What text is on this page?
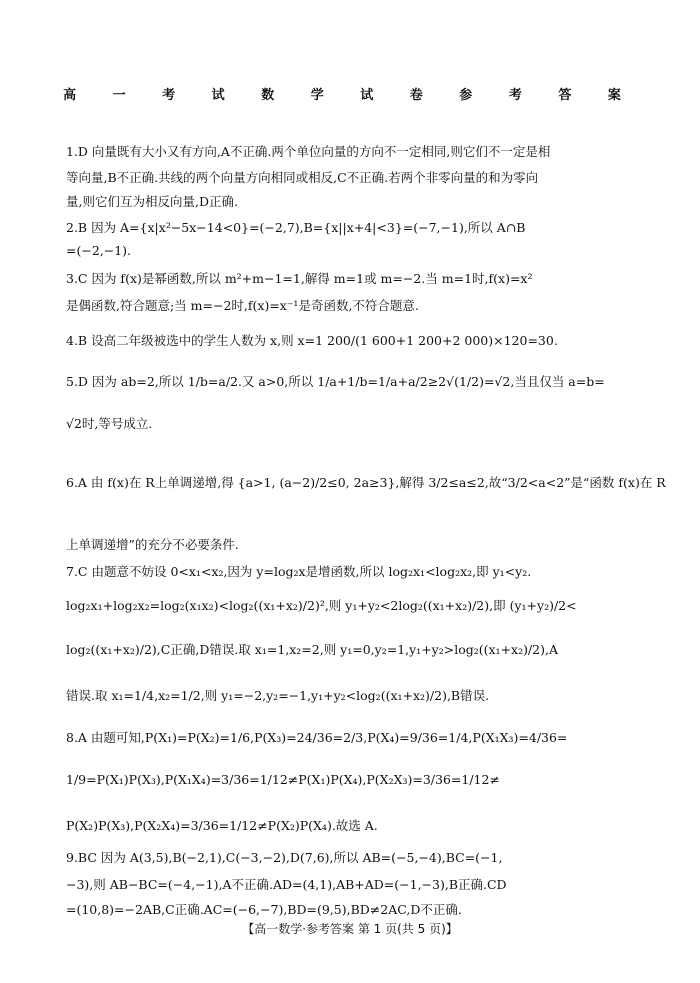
高 一 考 试 数 学 试 卷 参 考 答 案
1.D 向量既有大小又有方向,A不正确.两个单位向量的方向不一定相同,则它们不一定是相
等向量,B不正确.共线的两个向量方向相同或相反,C不正确.若两个非零向量的和为零向
量,则它们互为相反向量,D正确.
2.B 因为 A={x|x²−5x−14<0}=(−2,7),B={x||x+4|<3}=(−7,−1),所以 A∩B
=(−2,−1).
3.C 因为 f(x)是幂函数,所以 m²+m−1=1,解得 m=1或 m=−2.当 m=1时,f(x)=x²
是偶函数,符合题意;当 m=−2时,f(x)=x⁻¹是奇函数,不符合题意.
4.B 设高二年级被选中的学生人数为 x,则 x=1 200/(1 600+1 200+2 000)×120=30.
5.D 因为 ab=2,所以 1/b=a/2.又 a>0,所以 1/a+1/b=1/a+a/2≥2√(1/2)=√2,当且仅当 a=b=
√2时,等号成立.
6.A 由 f(x)在 R上单调递增,得 {a>1, (a−2)/2≤0, 2a≥3},解得 3/2≤a≤2,故“3/2<a<2”是“函数 f(x)在 R
上单调递增”的充分不必要条件.
7.C 由题意不妨设 0<x₁<x₂,因为 y=log₂x是增函数,所以 log₂x₁<log₂x₂,即 y₁<y₂.
log₂x₁+log₂x₂=log₂(x₁x₂)<log₂((x₁+x₂)/2)²,则 y₁+y₂<2log₂((x₁+x₂)/2),即 (y₁+y₂)/2<
log₂((x₁+x₂)/2),C正确,D错误.取 x₁=1,x₂=2,则 y₁=0,y₂=1,y₁+y₂>log₂((x₁+x₂)/2),A
错误.取 x₁=1/4,x₂=1/2,则 y₁=−2,y₂=−1,y₁+y₂<log₂((x₁+x₂)/2),B错误.
8.A 由题可知,P(X₁)=P(X₂)=1/6,P(X₃)=24/36=2/3,P(X₄)=9/36=1/4,P(X₁X₃)=4/36=
1/9=P(X₁)P(X₃),P(X₁X₄)=3/36=1/12≠P(X₁)P(X₄),P(X₂X₃)=3/36=1/12≠
P(X₂)P(X₃),P(X₂X₄)=3/36=1/12≠P(X₂)P(X₄).故选 A.
9.BC 因为 A(3,5),B(−2,1),C(−3,−2),D(7,6),所以 AB=(−5,−4),BC=(−1,
−3),则 AB−BC=(−4,−1),A不正确.AD=(4,1),AB+AD=(−1,−3),B正确.CD
=(10,8)=−2AB,C正确.AC=(−6,−7),BD=(9,5),BD≠2AC,D不正确.
【高一数学·参考答案 第 1 页(共 5 页)】
